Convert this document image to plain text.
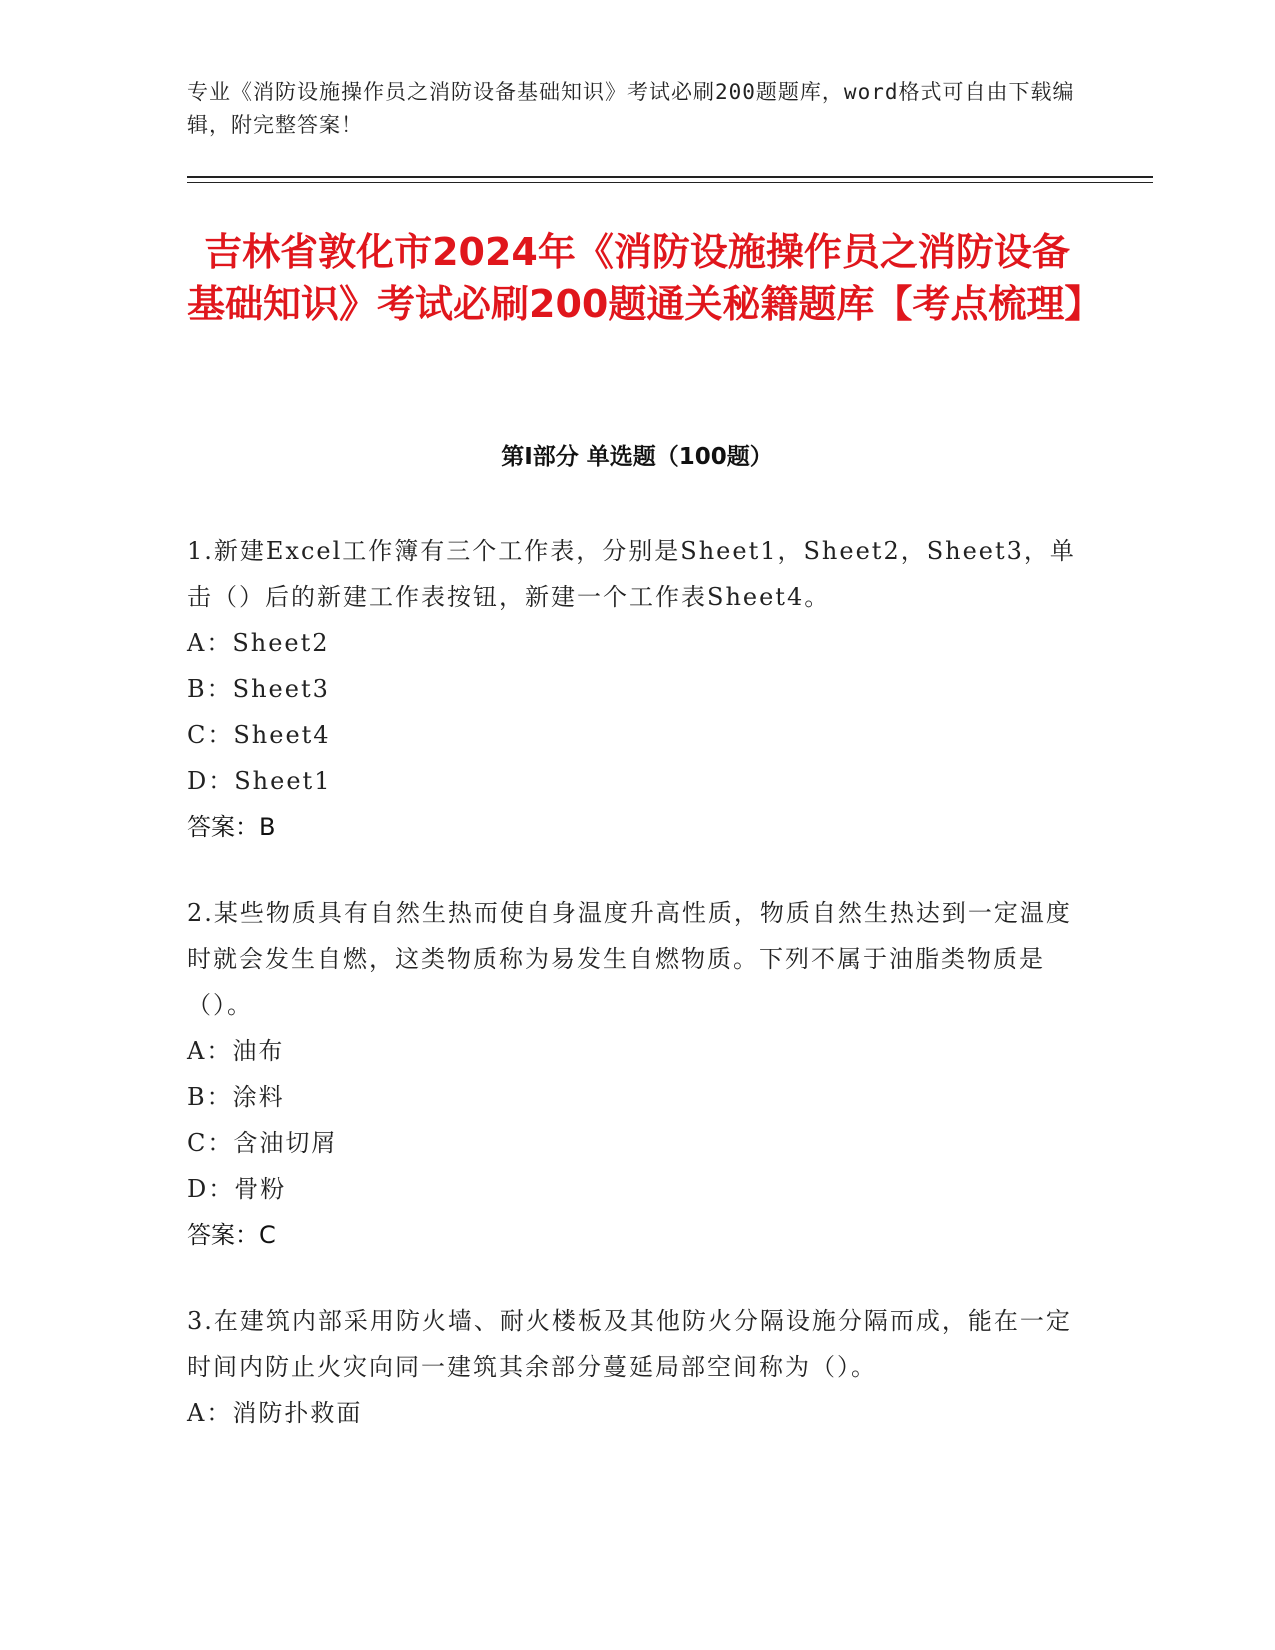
专业《消防设施操作员之消防设备基础知识》考试必刷200题题库，word格式可自由下载编辑，附完整答案！
吉林省敦化市2024年《消防设施操作员之消防设备基础知识》考试必刷200题通关秘籍题库【考点梳理】
第Ⅰ部分 单选题（100题）
1.新建Excel工作簿有三个工作表，分别是Sheet1，Sheet2，Sheet3，单击（）后的新建工作表按钮，新建一个工作表Sheet4。
A：Sheet2
B：Sheet3
C：Sheet4
D：Sheet1
答案：B
2.某些物质具有自然生热而使自身温度升高性质，物质自然生热达到一定温度时就会发生自燃，这类物质称为易发生自燃物质。下列不属于油脂类物质是（）。
A：油布
B：涂料
C：含油切屑
D：骨粉
答案：C
3.在建筑内部采用防火墙、耐火楼板及其他防火分隔设施分隔而成，能在一定时间内防止火灾向同一建筑其余部分蔓延局部空间称为（）。
A：消防扑救面
